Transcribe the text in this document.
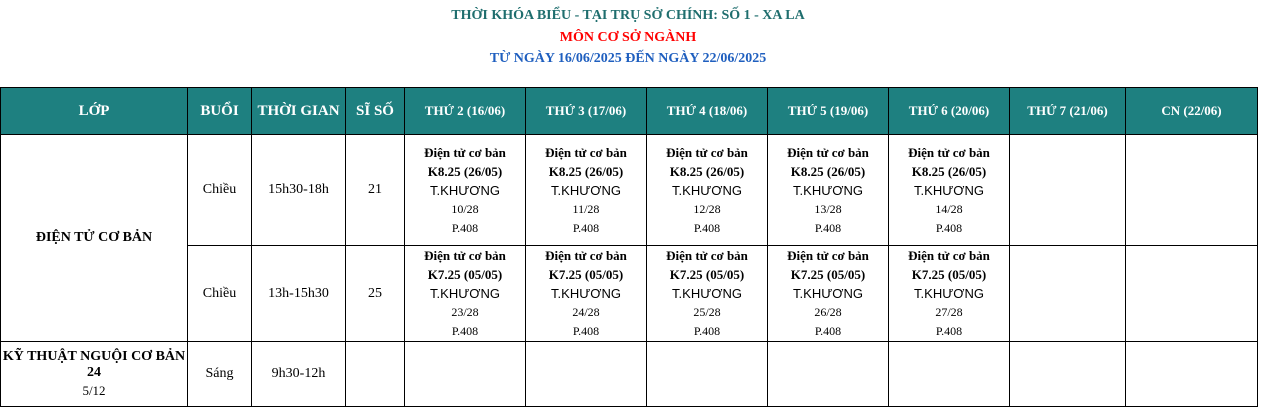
THỜI KHÓA BIỂU - TẠI TRỤ SỞ CHÍNH: SỐ 1 - XA LA
MÔN CƠ SỞ NGÀNH
TỪ NGÀY 16/06/2025 ĐẾN NGÀY 22/06/2025
LỚP	BUỔI	THỜI GIAN	SĨ SỐ	THỨ 2 (16/06)	THỨ 3 (17/06)	THỨ 4 (18/06)	THỨ 5 (19/06)	THỨ 6 (20/06)	THỨ 7 (21/06)	CN (22/06)
ĐIỆN TỬ CƠ BẢN	Chiều	15h30-18h	21	Điện tử cơ bản
K8.25 (26/05)
T.KHƯƠNG
10/28
P.408	Điện tử cơ bản
K8.25 (26/05)
T.KHƯƠNG
11/28
P.408	Điện tử cơ bản
K8.25 (26/05)
T.KHƯƠNG
12/28
P.408	Điện tử cơ bản
K8.25 (26/05)
T.KHƯƠNG
13/28
P.408	Điện tử cơ bản
K8.25 (26/05)
T.KHƯƠNG
14/28
P.408		

	Chiều	13h-15h30	25	Điện tử cơ bản
K7.25 (05/05)
T.KHƯƠNG
23/28
P.408	Điện tử cơ bản
K7.25 (05/05)
T.KHƯƠNG
24/28
P.408	Điện tử cơ bản
K7.25 (05/05)
T.KHƯƠNG
25/28
P.408	Điện tử cơ bản
K7.25 (05/05)
T.KHƯƠNG
26/28
P.408	Điện tử cơ bản
K7.25 (05/05)
T.KHƯƠNG
27/28
P.408		

KỸ THUẬT NGUỘI CƠ BẢN 24
5/12	Sáng	9h30-12h								
